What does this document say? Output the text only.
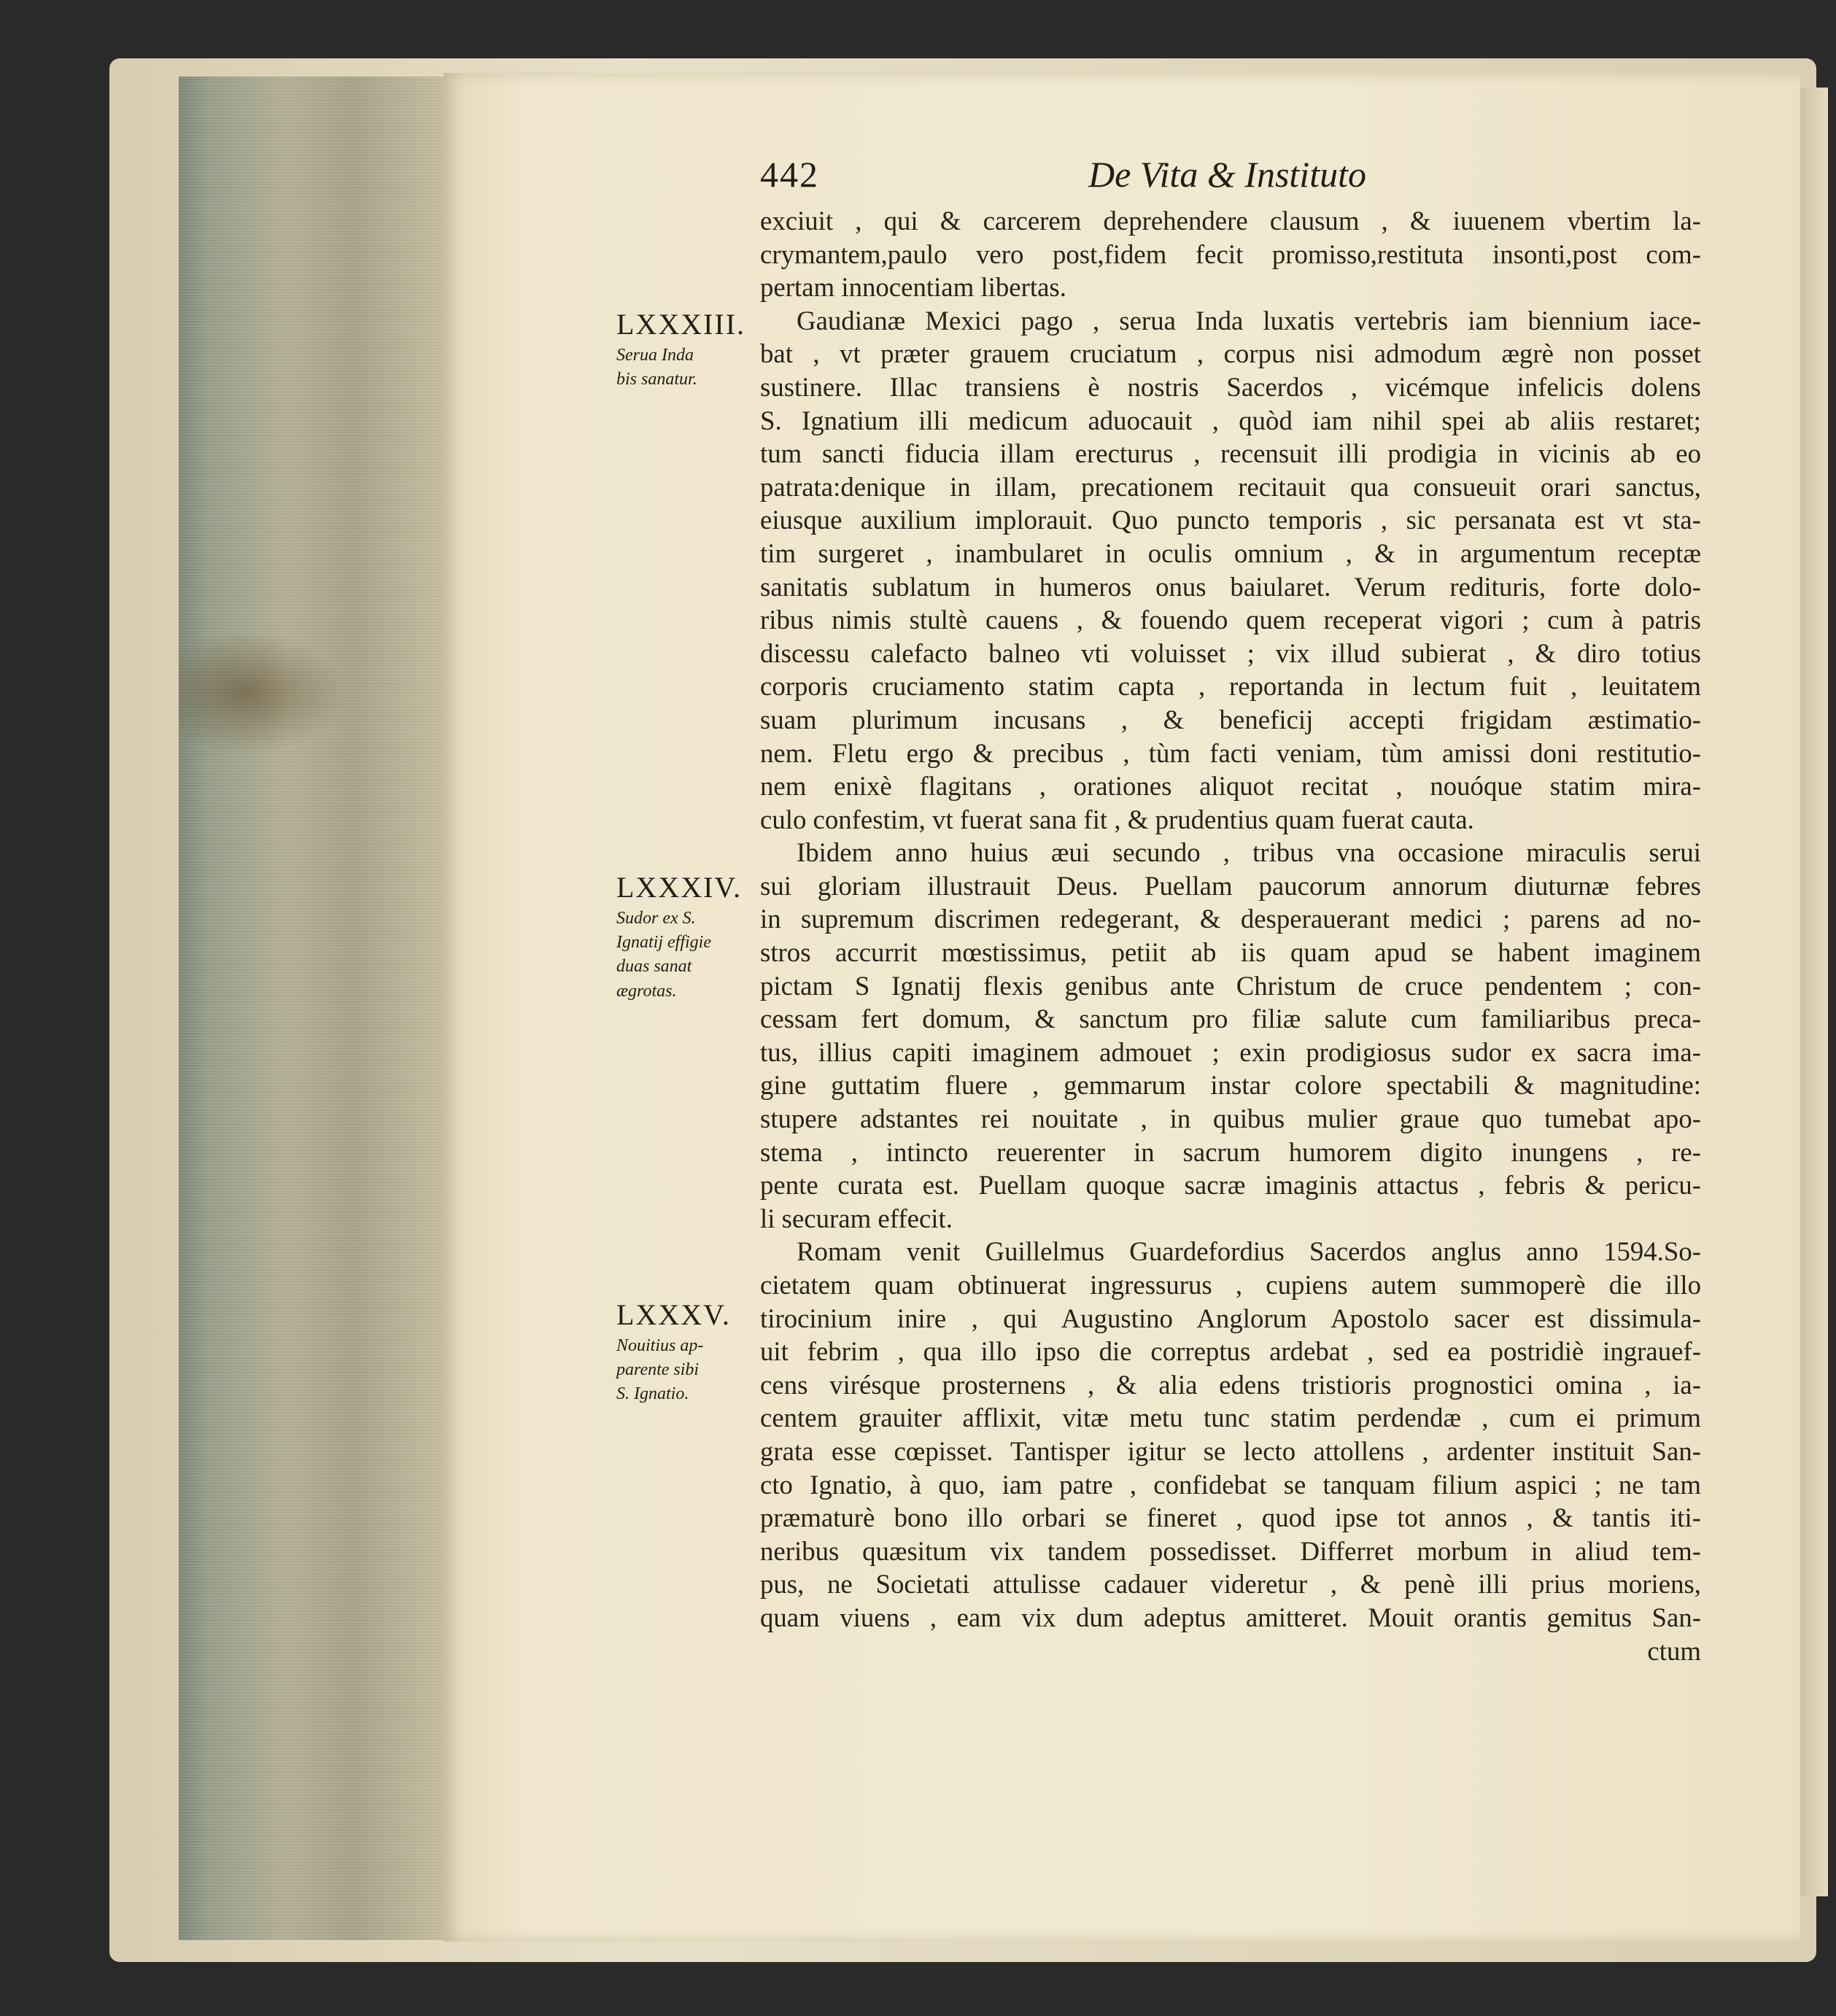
442	De Vita & Instituto
LXXXIII.
Serua Inda
bis sanatur.
LXXXIV.
Sudor ex S.
Ignatij effigie
duas sanat
ægrotas.
LXXXV.
Nouitius ap-
parente sibi
S. Ignatio.
exciuit , qui & carcerem deprehendere clausum , & iuuenem vbertim la-
crymantem,paulo vero post,fidem fecit promisso,restituta insonti,post com-
pertam innocentiam libertas.
Gaudianæ Mexici pago , serua Inda luxatis vertebris iam biennium iace-
bat , vt præter grauem cruciatum , corpus nisi admodum ægrè non posset
sustinere. Illac transiens è nostris Sacerdos , vicémque infelicis dolens
S. Ignatium illi medicum aduocauit , quòd iam nihil spei ab aliis restaret;
tum sancti fiducia illam erecturus , recensuit illi prodigia in vicinis ab eo
patrata:denique in illam, precationem recitauit qua consueuit orari sanctus,
eiusque auxilium implorauit. Quo puncto temporis , sic persanata est vt sta-
tim surgeret , inambularet in oculis omnium , & in argumentum receptæ
sanitatis sublatum in humeros onus baiularet. Verum redituris, forte dolo-
ribus nimis stultè cauens , & fouendo quem receperat vigori ; cum à patris
discessu calefacto balneo vti voluisset ; vix illud subierat , & diro totius
corporis cruciamento statim capta , reportanda in lectum fuit , leuitatem
suam plurimum incusans , & beneficij accepti frigidam æstimatio-
nem. Fletu ergo & precibus , tùm facti veniam, tùm amissi doni restitutio-
nem enixè flagitans , orationes aliquot recitat , nouóque statim mira-
culo confestim, vt fuerat sana fit , & prudentius quam fuerat cauta.
Ibidem anno huius æui secundo , tribus vna occasione miraculis serui
sui gloriam illustrauit Deus. Puellam paucorum annorum diuturnæ febres
in supremum discrimen redegerant, & desperauerant medici ; parens ad no-
stros accurrit mœstissimus, petiit ab iis quam apud se habent imaginem
pictam S Ignatij flexis genibus ante Christum de cruce pendentem ; con-
cessam fert domum, & sanctum pro filiæ salute cum familiaribus preca-
tus, illius capiti imaginem admouet ; exin prodigiosus sudor ex sacra ima-
gine guttatim fluere , gemmarum instar colore spectabili & magnitudine:
stupere adstantes rei nouitate , in quibus mulier graue quo tumebat apo-
stema , intincto reuerenter in sacrum humorem digito inungens , re-
pente curata est. Puellam quoque sacræ imaginis attactus , febris & pericu-
li securam effecit.
Romam venit Guillelmus Guardefordius Sacerdos anglus anno 1594.So-
cietatem quam obtinuerat ingressurus , cupiens autem summoperè die illo
tirocinium inire , qui Augustino Anglorum Apostolo sacer est dissimula-
uit febrim , qua illo ipso die correptus ardebat , sed ea postridiè ingrauef-
cens virésque prosternens , & alia edens tristioris prognostici omina , ia-
centem grauiter afflixit, vitæ metu tunc statim perdendæ , cum ei primum
grata esse cœpisset. Tantisper igitur se lecto attollens , ardenter instituit San-
cto Ignatio, à quo, iam patre , confidebat se tanquam filium aspici ; ne tam
præmaturè bono illo orbari se fineret , quod ipse tot annos , & tantis iti-
neribus quæsitum vix tandem possedisset. Differret morbum in aliud tem-
pus, ne Societati attulisse cadauer videretur , & penè illi prius moriens,
quam viuens , eam vix dum adeptus amitteret. Mouit orantis gemitus San-
ctum
